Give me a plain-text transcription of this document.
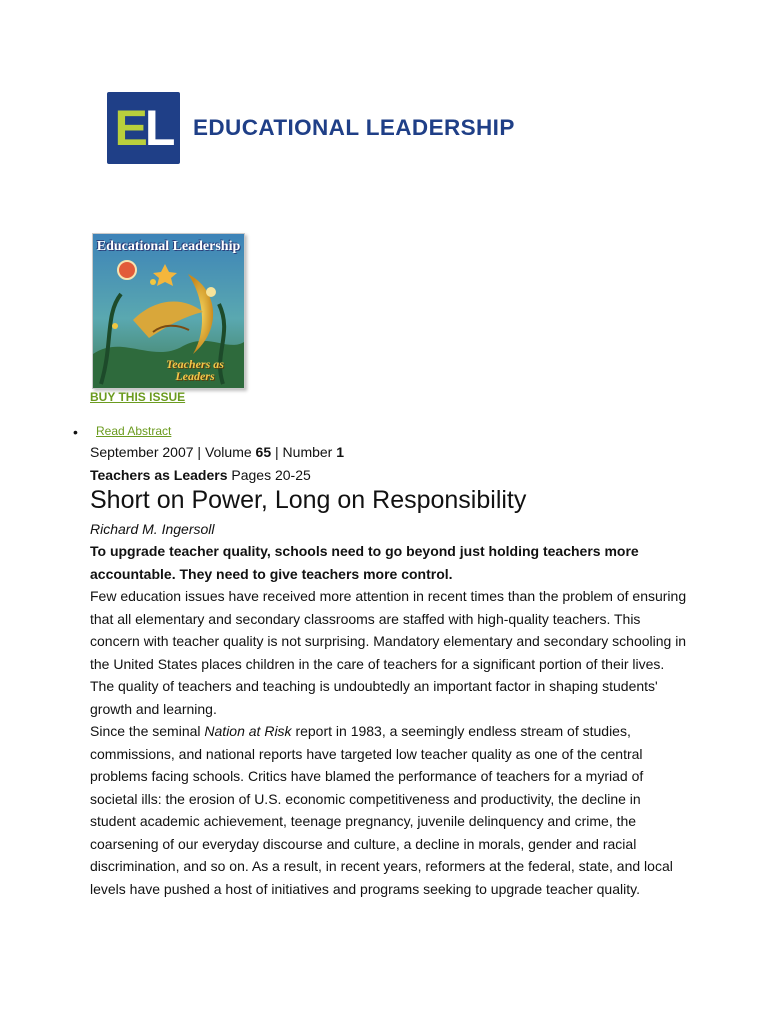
EL EDUCATIONAL LEADERSHIP
Educational Leadership
Teachers as Leaders
BUY THIS ISSUE
• Read Abstract
September 2007 | Volume 65 | Number 1
Teachers as Leaders Pages 20-25
Short on Power, Long on Responsibility
Richard M. Ingersoll

To upgrade teacher quality, schools need to go beyond just holding teachers more accountable. They need to give teachers more control.

Few education issues have received more attention in recent times than the problem of ensuring that all elementary and secondary classrooms are staffed with high-quality teachers. This concern with teacher quality is not surprising. Mandatory elementary and secondary schooling in the United States places children in the care of teachers for a significant portion of their lives. The quality of teachers and teaching is undoubtedly an important factor in shaping students' growth and learning.

Since the seminal Nation at Risk report in 1983, a seemingly endless stream of studies, commissions, and national reports have targeted low teacher quality as one of the central problems facing schools. Critics have blamed the performance of teachers for a myriad of societal ills: the erosion of U.S. economic competitiveness and productivity, the decline in student academic achievement, teenage pregnancy, juvenile delinquency and crime, the coarsening of our everyday discourse and culture, a decline in morals, gender and racial discrimination, and so on. As a result, in recent years, reformers at the federal, state, and local levels have pushed a host of initiatives and programs seeking to upgrade teacher quality.
